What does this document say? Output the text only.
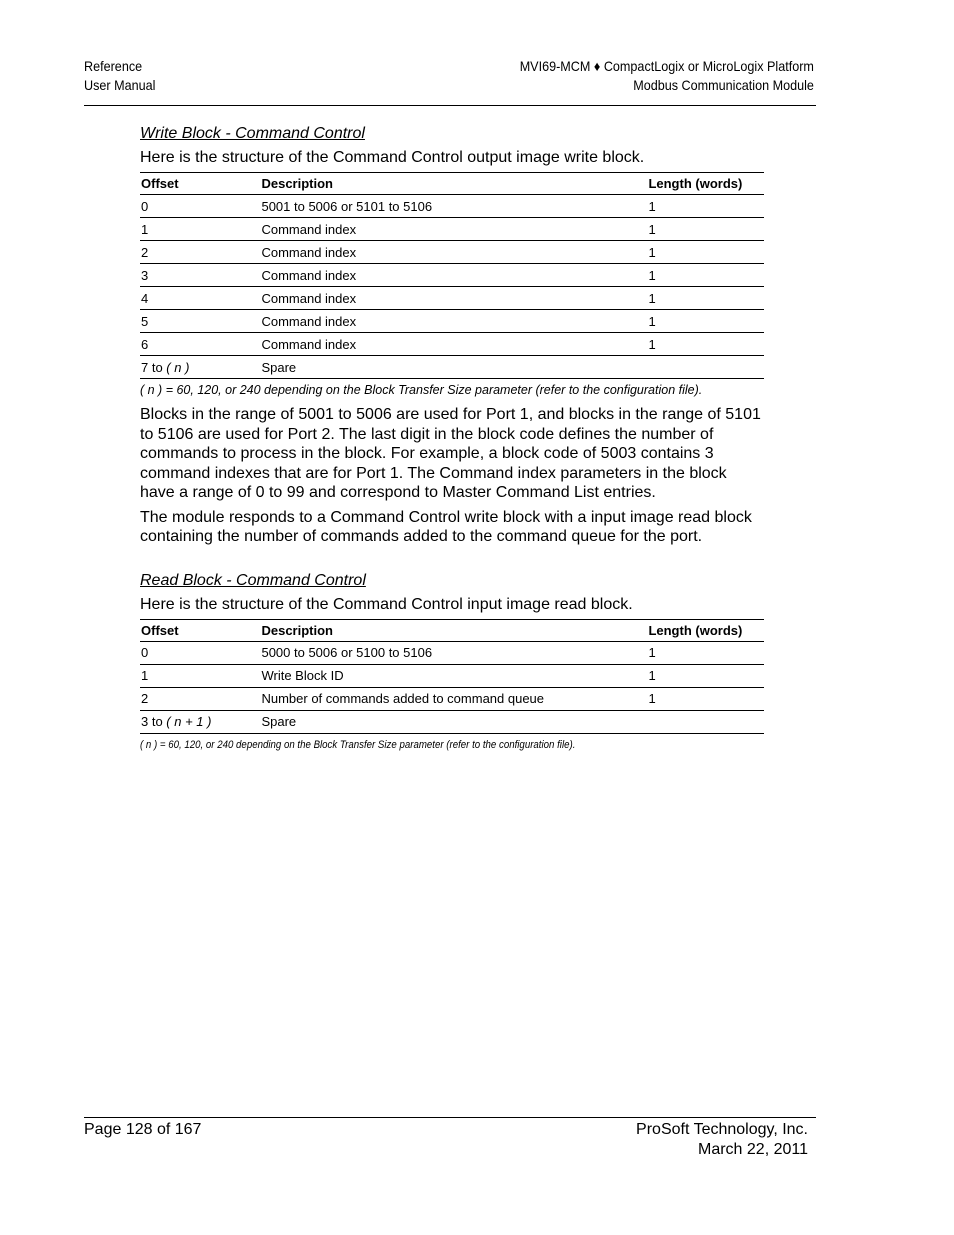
Reference
User Manual
MVI69-MCM ♦ CompactLogix or MicroLogix Platform
Modbus Communication Module
Write Block - Command Control
Here is the structure of the Command Control output image write block.
Offset	Description	Length (words)
0	5001 to 5006 or 5101 to 5106	1
1	Command index	1
2	Command index	1
3	Command index	1
4	Command index	1
5	Command index	1
6	Command index	1
7 to ( n )	Spare	
( n ) = 60, 120, or 240 depending on the Block Transfer Size parameter (refer to the configuration file).
Blocks in the range of 5001 to 5006 are used for Port 1, and blocks in the range of 5101 to 5106 are used for Port 2. The last digit in the block code defines the number of commands to process in the block. For example, a block code of 5003 contains 3 command indexes that are for Port 1. The Command index parameters in the block have a range of 0 to 99 and correspond to Master Command List entries.
The module responds to a Command Control write block with a input image read block containing the number of commands added to the command queue for the port.
Read Block - Command Control
Here is the structure of the Command Control input image read block.
Offset	Description	Length (words)
0	5000 to 5006 or 5100 to 5106	1
1	Write Block ID	1
2	Number of commands added to command queue	1
3 to ( n + 1 )	Spare	
( n ) = 60, 120, or 240 depending on the Block Transfer Size parameter (refer to the configuration file).
Page 128 of 167	ProSoft Technology, Inc.
March 22, 2011
